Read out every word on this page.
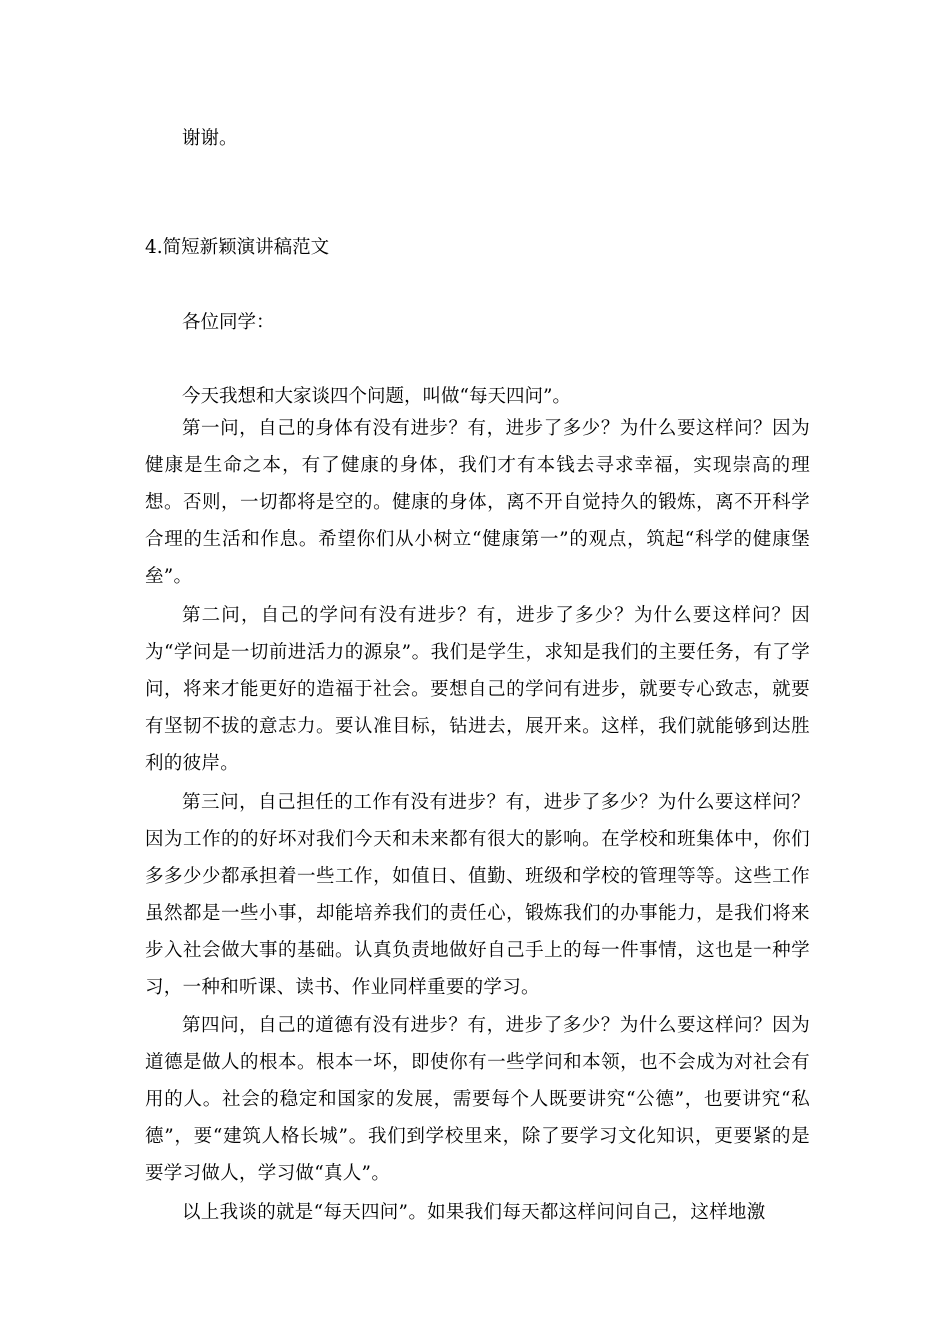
谢谢。
4.简短新颖演讲稿范文
各位同学：
今天我想和大家谈四个问题，叫做“每天四问”。
第一问，自己的身体有没有进步？有，进步了多少？为什么要这样问？因为健康是生命之本，有了健康的身体，我们才有本钱去寻求幸福，实现崇高的理想。否则，一切都将是空的。健康的身体，离不开自觉持久的锻炼，离不开科学合理的生活和作息。希望你们从小树立“健康第一”的观点，筑起“科学的健康堡垒”。
第二问，自己的学问有没有进步？有，进步了多少？为什么要这样问？因为“学问是一切前进活力的源泉”。我们是学生，求知是我们的主要任务，有了学问，将来才能更好的造福于社会。要想自己的学问有进步，就要专心致志，就要有坚韧不拔的意志力。要认准目标，钻进去，展开来。这样，我们就能够到达胜利的彼岸。
第三问，自己担任的工作有没有进步？有，进步了多少？为什么要这样问？因为工作的的好坏对我们今天和未来都有很大的影响。在学校和班集体中，你们多多少少都承担着一些工作，如值日、值勤、班级和学校的管理等等。这些工作虽然都是一些小事，却能培养我们的责任心，锻炼我们的办事能力，是我们将来步入社会做大事的基础。认真负责地做好自己手上的每一件事情，这也是一种学习，一种和听课、读书、作业同样重要的学习。
第四问，自己的道德有没有进步？有，进步了多少？为什么要这样问？因为道德是做人的根本。根本一坏，即使你有一些学问和本领，也不会成为对社会有用的人。社会的稳定和国家的发展，需要每个人既要讲究“公德”，也要讲究“私德”，要“建筑人格长城”。我们到学校里来，除了要学习文化知识，更要紧的是要学习做人，学习做“真人”。
以上我谈的就是“每天四问”。如果我们每天都这样问问自己，这样地激
